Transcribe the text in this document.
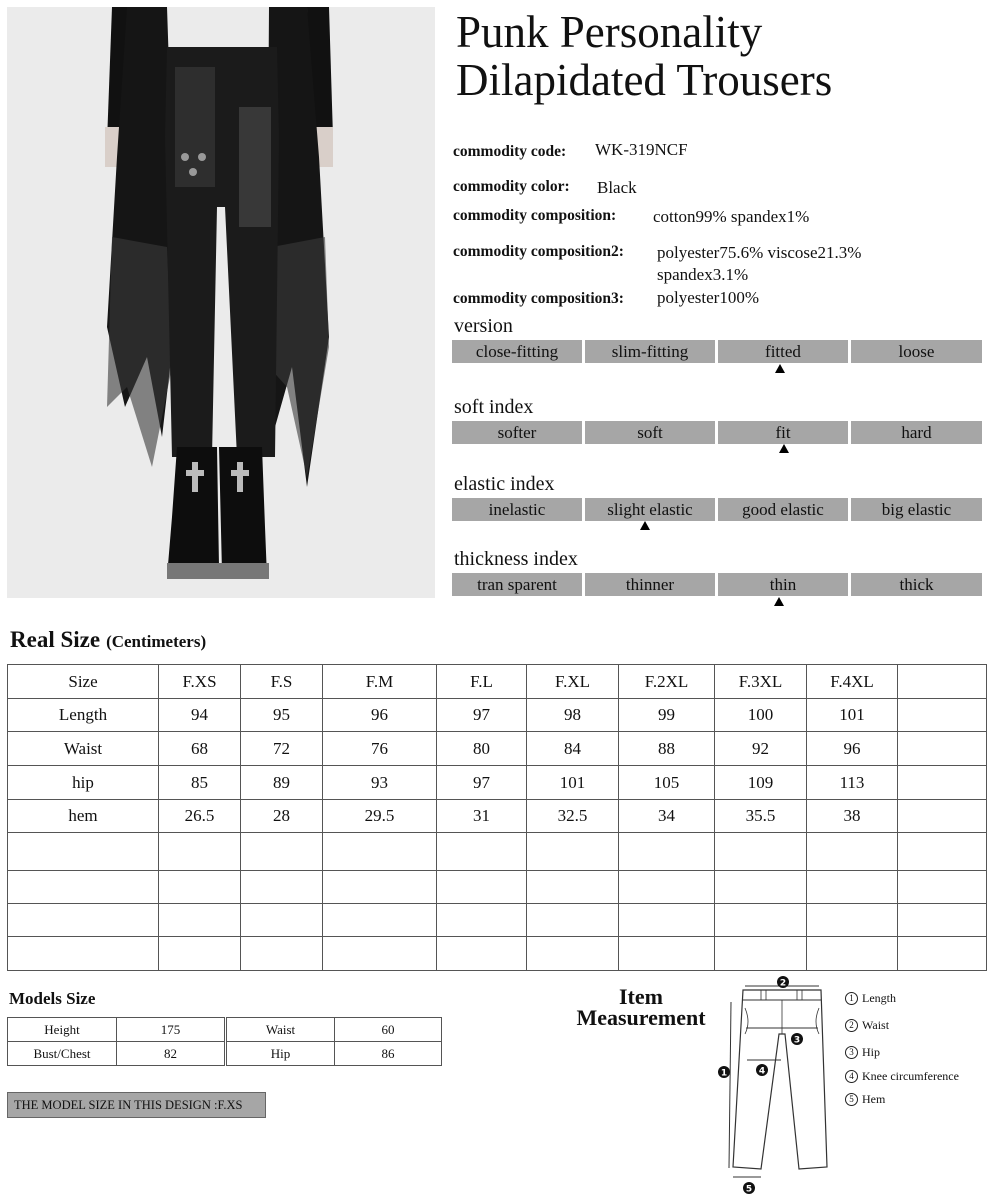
Punk Personality
Dilapidated Trousers
commodity code: WK-319NCF
commodity color: Black
commodity composition: cotton99% spandex1%
commodity composition2: polyester75.6% viscose21.3%
spandex3.1%
commodity composition3: polyester100%
version
close-fitting	slim-fitting	fitted	loose
soft index
softer	soft	fit	hard
elastic index
inelastic	slight elastic	good elastic	big elastic
thickness index
tran sparent	thinner	thin	thick
Real Size (Centimeters)
Size	F.XS	F.S	F.M	F.L	F.XL	F.2XL	F.3XL	F.4XL	
Length	94	95	96	97	98	99	100	101	
Waist	68	72	76	80	84	88	92	96	
hip	85	89	93	97	101	105	109	113	
hem	26.5	28	29.5	31	32.5	34	35.5	38	

Models Size
Height	175
Bust/Chest	82
Waist	60
Hip	86
THE MODEL SIZE IN THIS DESIGN :F.XS
Item
Measurement
2
3
4
1
5
1 Length
2 Waist
3 Hip
4 Knee circumference
5 Hem
